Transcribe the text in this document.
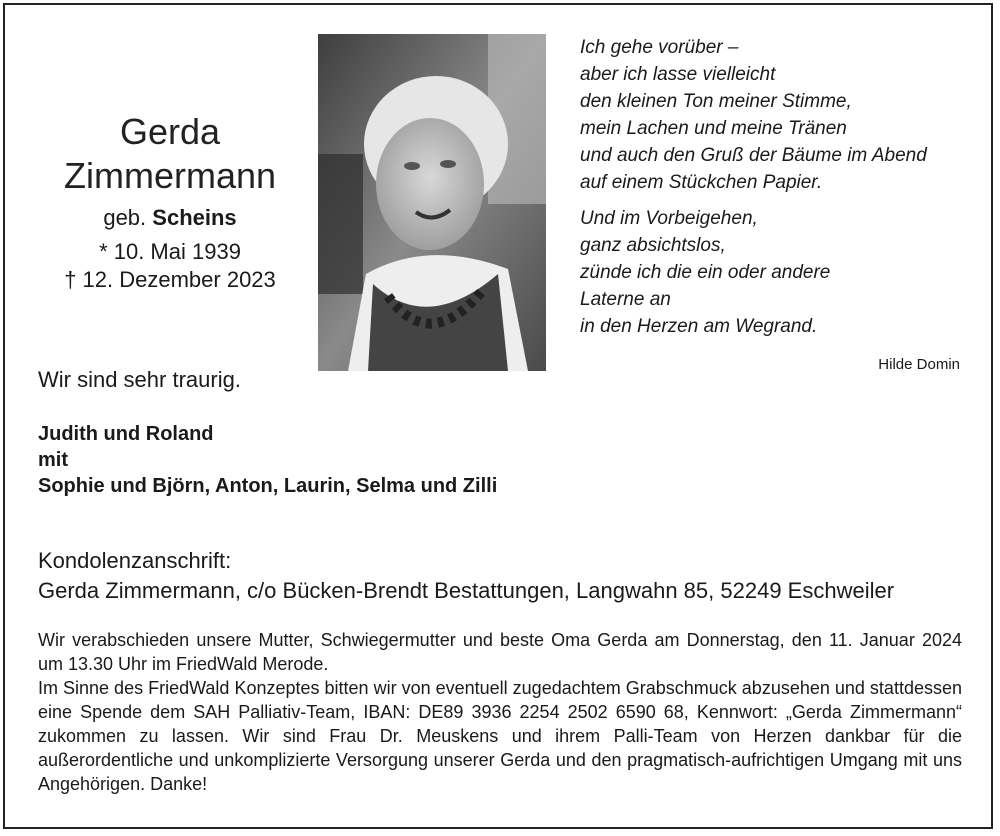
Gerda
Zimmermann
geb. Scheins
* 10. Mai 1939
† 12. Dezember 2023

Ich gehe vorüber –

aber ich lasse vielleicht

den kleinen Ton meiner Stimme,

mein Lachen und meine Tränen

und auch den Gruß der Bäume im Abend

auf einem Stückchen Papier.

Und im Vorbeigehen,

ganz absichtslos,

zünde ich die ein oder andere

Laterne an

in den Herzen am Wegrand.

Hilde Domin
Wir sind sehr traurig.
Judith und Roland
mit
Sophie und Björn, Anton, Laurin, Selma und Zilli
Kondolenzanschrift:
Gerda Zimmermann, c/o Bücken-Brendt Bestattungen, Langwahn 85, 52249 Eschweiler

Wir verabschieden unsere Mutter, Schwiegermutter und beste Oma Gerda am Donnerstag, den 11. Januar 2024 um 13.30 Uhr im FriedWald Merode.

Im Sinne des FriedWald Konzeptes bitten wir von eventuell zugedachtem Grabschmuck abzusehen und stattdessen eine Spende dem SAH Palliativ-Team, IBAN: DE89 3936 2254 2502 6590 68, Kennwort: „Gerda Zimmermann“ zukommen zu lassen. Wir sind Frau Dr. Meuskens und ihrem Palli-Team von Herzen dankbar für die außerordentliche und unkomplizierte Versorgung unserer Gerda und den pragmatisch-aufrichtigen Umgang mit uns Angehörigen. Danke!
